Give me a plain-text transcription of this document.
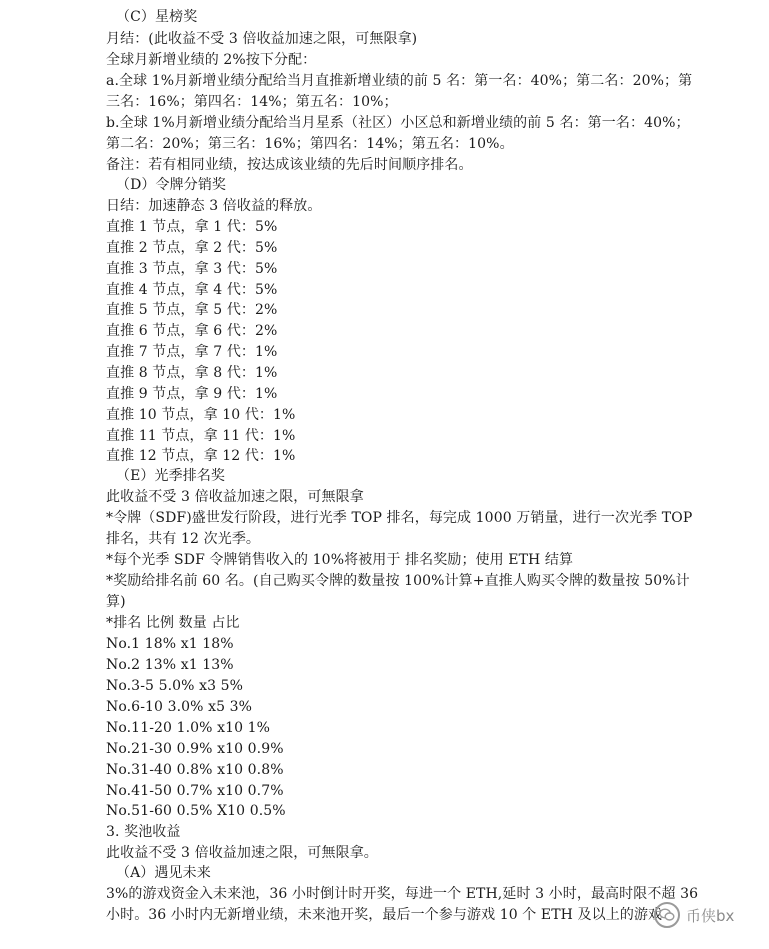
（C）星榜奖
月结：(此收益不受 3 倍收益加速之限，可無限拿)
全球月新增业绩的 2%按下分配：
a.全球 1%月新增业绩分配给当月直推新增业绩的前 5 名：第一名：40%；第二名：20%；第
三名：16%；第四名：14%；第五名：10%；
b.全球 1%月新增业绩分配给当月星系（社区）小区总和新增业绩的前 5 名：第一名：40%；
第二名：20%；第三名：16%；第四名：14%；第五名：10%。
备注：若有相同业绩，按达成该业绩的先后时间顺序排名。
（D）令牌分销奖
日结：加速静态 3 倍收益的释放。
直推 1 节点，拿 1 代：5%
直推 2 节点，拿 2 代：5%
直推 3 节点，拿 3 代：5%
直推 4 节点，拿 4 代：5%
直推 5 节点，拿 5 代：2%
直推 6 节点，拿 6 代：2%
直推 7 节点，拿 7 代：1%
直推 8 节点，拿 8 代：1%
直推 9 节点，拿 9 代：1%
直推 10 节点，拿 10 代：1%
直推 11 节点，拿 11 代：1%
直推 12 节点，拿 12 代：1%
（E）光季排名奖
此收益不受 3 倍收益加速之限，可無限拿
*令牌（SDF)盛世发行阶段，进行光季 TOP 排名，每完成 1000 万销量，进行一次光季 TOP
排名，共有 12 次光季。
*每个光季 SDF 令牌销售收入的 10%将被用于 排名奖励；使用 ETH 结算
*奖励给排名前 60 名。(自己购买令牌的数量按 100%计算+直推人购买令牌的数量按 50%计
算)
*排名 比例 数量 占比
No.1 18% x1 18%
No.2 13% x1 13%
No.3-5 5.0% x3 5%
No.6-10 3.0% x5 3%
No.11-20 1.0% x10 1%
No.21-30 0.9% x10 0.9%
No.31-40 0.8% x10 0.8%
No.41-50 0.7% x10 0.7%
No.51-60 0.5% X10 0.5%
3. 奖池收益
此收益不受 3 倍收益加速之限，可無限拿。
（A）遇见未来
3%的游戏资金入未来池，36 小时倒计时开奖，每进一个 ETH,延时 3 小时，最高时限不超 36
小时。36 小时内无新增业绩，未来池开奖，最后一个参与游戏 10 个 ETH 及以上的游戏 币侠bx
